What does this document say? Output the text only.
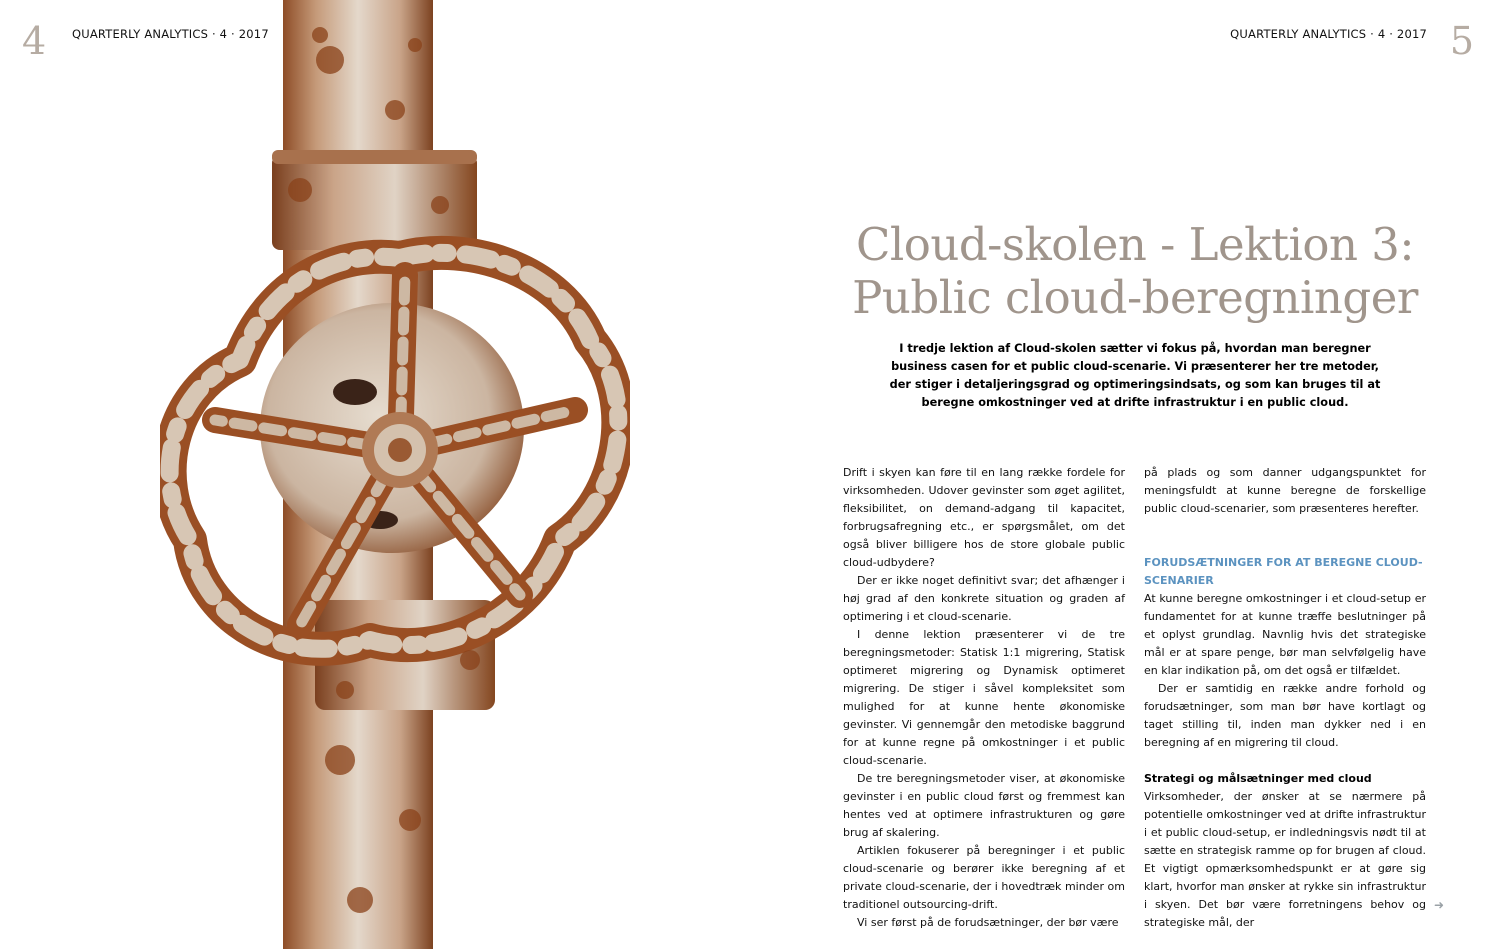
4 QUARTERLY ANALYTICS · 4 · 2017	QUARTERLY ANALYTICS · 4 · 2017 5
Cloud-skolen - Lektion 3:
Public cloud-beregninger

I tredje lektion af Cloud-skolen sætter vi fokus på, hvordan man beregner business casen for et public cloud-scenarie. Vi præsenterer her tre metoder, der stiger i detaljeringsgrad og optimeringsindsats, og som kan bruges til at beregne omkostninger ved at drifte infrastruktur i en public cloud.

Drift i skyen kan føre til en lang række fordele for virksomheden. Udover gevinster som øget agilitet, fleksibilitet, on demand-adgang til kapacitet, forbrugsafregning etc., er spørgsmålet, om det også bliver billigere hos de store globale public cloud-udbydere?

Der er ikke noget definitivt svar; det afhænger i høj grad af den konkrete situation og graden af optimering i et cloud-scenarie.

I denne lektion præsenterer vi de tre beregningsmetoder: Statisk 1:1 migrering, Statisk optimeret migrering og Dynamisk optimeret migrering. De stiger i såvel kompleksitet som mulighed for at kunne hente økonomiske gevinster. Vi gennemgår den metodiske baggrund for at kunne regne på omkostninger i et public cloud-scenarie.

De tre beregningsmetoder viser, at økonomiske gevinster i en public cloud først og fremmest kan hentes ved at optimere infrastrukturen og gøre brug af skalering.

Artiklen fokuserer på beregninger i et public cloud-scenarie og berører ikke beregning af et private cloud-scenarie, der i hovedtræk minder om traditionel outsourcing-drift.

Vi ser først på de forudsætninger, der bør være

på plads og som danner udgangspunktet for meningsfuldt at kunne beregne de forskellige public cloud-scenarier, som præsenteres herefter.

FORUDSÆTNINGER FOR AT BEREGNE CLOUD-SCENARIER

At kunne beregne omkostninger i et cloud-setup er fundamentet for at kunne træffe beslutninger på et oplyst grundlag. Navnlig hvis det strategiske mål er at spare penge, bør man selvfølgelig have en klar indikation på, om det også er tilfældet.

Der er samtidig en række andre forhold og forudsætninger, som man bør have kortlagt og taget stilling til, inden man dykker ned i en beregning af en migrering til cloud.

Strategi og målsætninger med cloud

Virksomheder, der ønsker at se nærmere på potentielle omkostninger ved at drifte infrastruktur i et public cloud-setup, er indledningsvis nødt til at sætte en strategisk ramme op for brugen af cloud. Et vigtigt opmærksomhedspunkt er at gøre sig klart, hvorfor man ønsker at rykke sin infrastruktur i skyen. Det bør være forretningens behov og strategiske mål, der

➜
